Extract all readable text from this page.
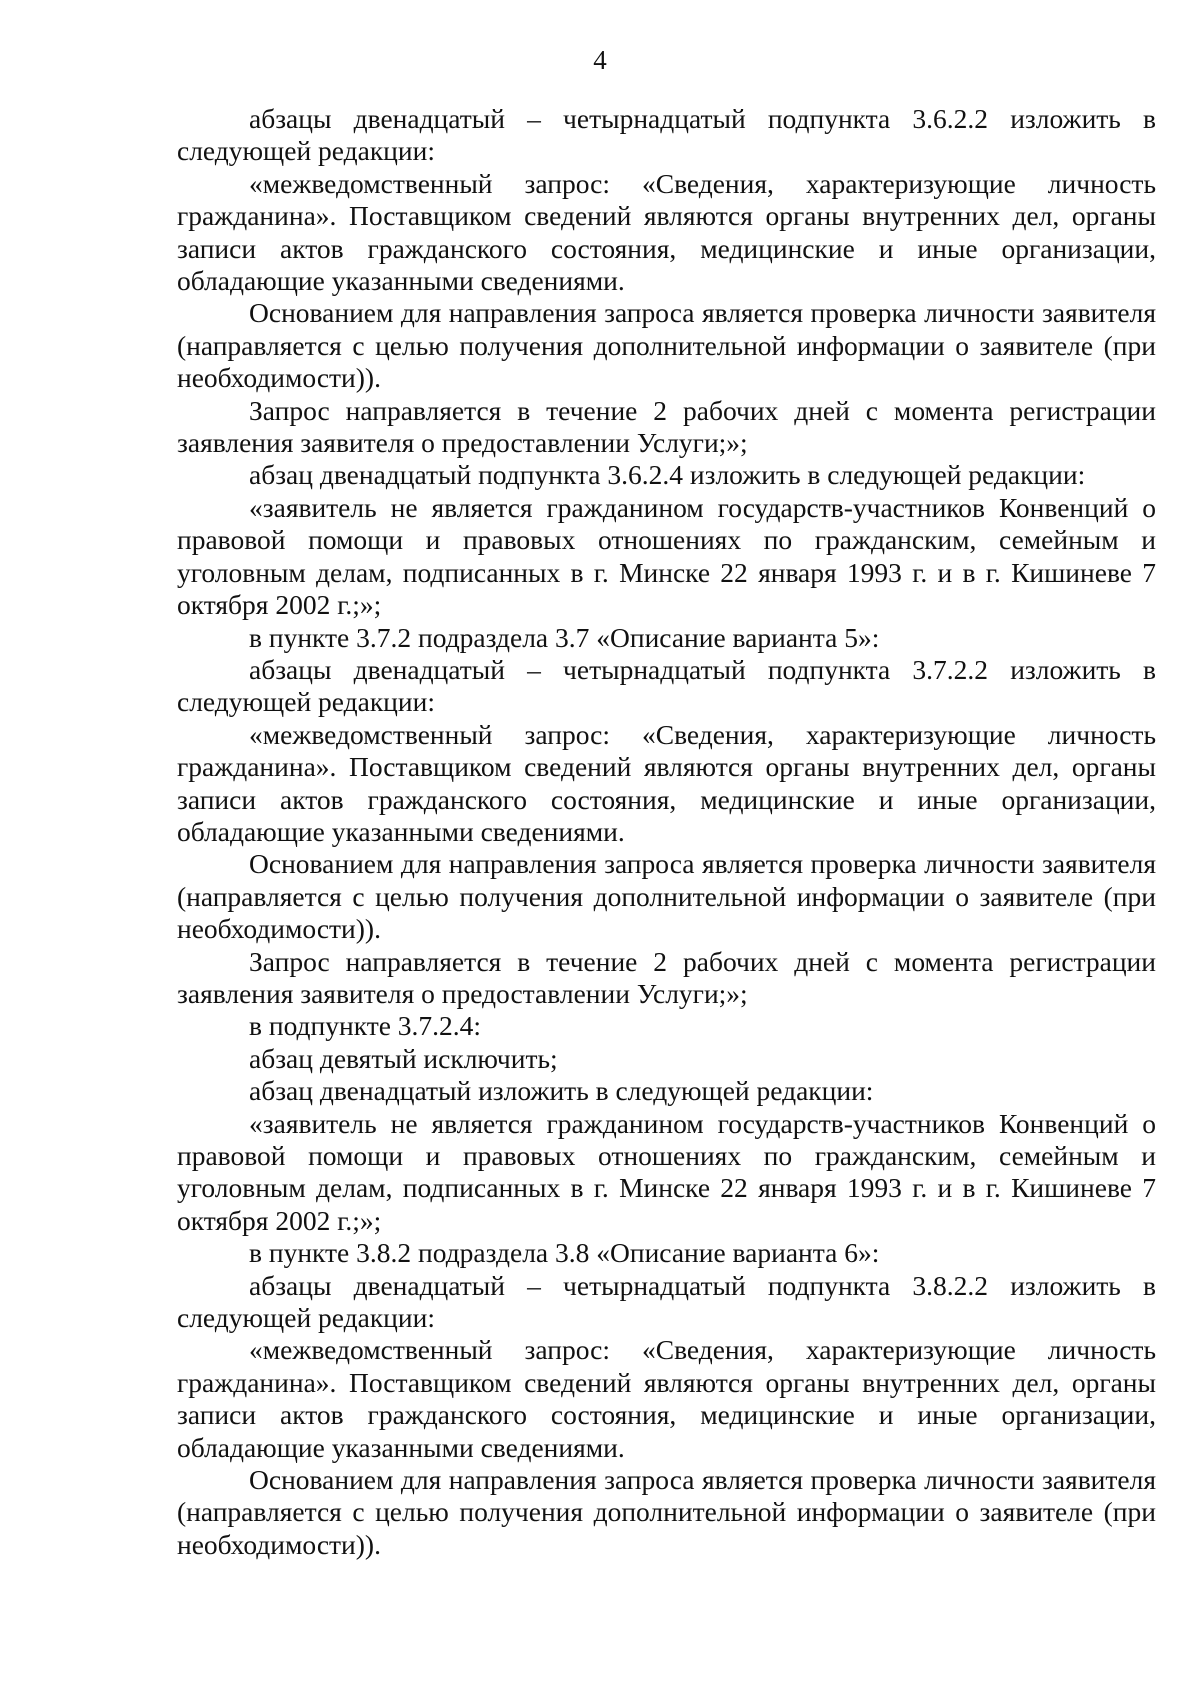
4

абзацы двенадцатый – четырнадцатый подпункта 3.6.2.2 изложить в следующей редакции:

«межведомственный запрос: «Сведения, характеризующие личность гражданина». Поставщиком сведений являются органы внутренних дел, органы записи актов гражданского состояния, медицинские и иные организации, обладающие указанными сведениями.

Основанием для направления запроса является проверка личности заявителя (направляется с целью получения дополнительной информации о заявителе (при необходимости)).

Запрос направляется в течение 2 рабочих дней с момента регистрации заявления заявителя о предоставлении Услуги;»;

абзац двенадцатый подпункта 3.6.2.4 изложить в следующей редакции:

«заявитель не является гражданином государств-участников Конвенций о правовой помощи и правовых отношениях по гражданским, семейным и уголовным делам, подписанных в г. Минске 22 января 1993 г. и в г. Кишиневе 7 октября 2002 г.;»;

в пункте 3.7.2 подраздела 3.7 «Описание варианта 5»:

абзацы двенадцатый – четырнадцатый подпункта 3.7.2.2 изложить в следующей редакции:

«межведомственный запрос: «Сведения, характеризующие личность гражданина». Поставщиком сведений являются органы внутренних дел, органы записи актов гражданского состояния, медицинские и иные организации, обладающие указанными сведениями.

Основанием для направления запроса является проверка личности заявителя (направляется с целью получения дополнительной информации о заявителе (при необходимости)).

Запрос направляется в течение 2 рабочих дней с момента регистрации заявления заявителя о предоставлении Услуги;»;

в подпункте 3.7.2.4:

абзац девятый исключить;

абзац двенадцатый изложить в следующей редакции:

«заявитель не является гражданином государств-участников Конвенций о правовой помощи и правовых отношениях по гражданским, семейным и уголовным делам, подписанных в г. Минске 22 января 1993 г. и в г. Кишиневе 7 октября 2002 г.;»;

в пункте 3.8.2 подраздела 3.8 «Описание варианта 6»:

абзацы двенадцатый – четырнадцатый подпункта 3.8.2.2 изложить в следующей редакции:

«межведомственный запрос: «Сведения, характеризующие личность гражданина». Поставщиком сведений являются органы внутренних дел, органы записи актов гражданского состояния, медицинские и иные организации, обладающие указанными сведениями.

Основанием для направления запроса является проверка личности заявителя (направляется с целью получения дополнительной информации о заявителе (при необходимости)).
